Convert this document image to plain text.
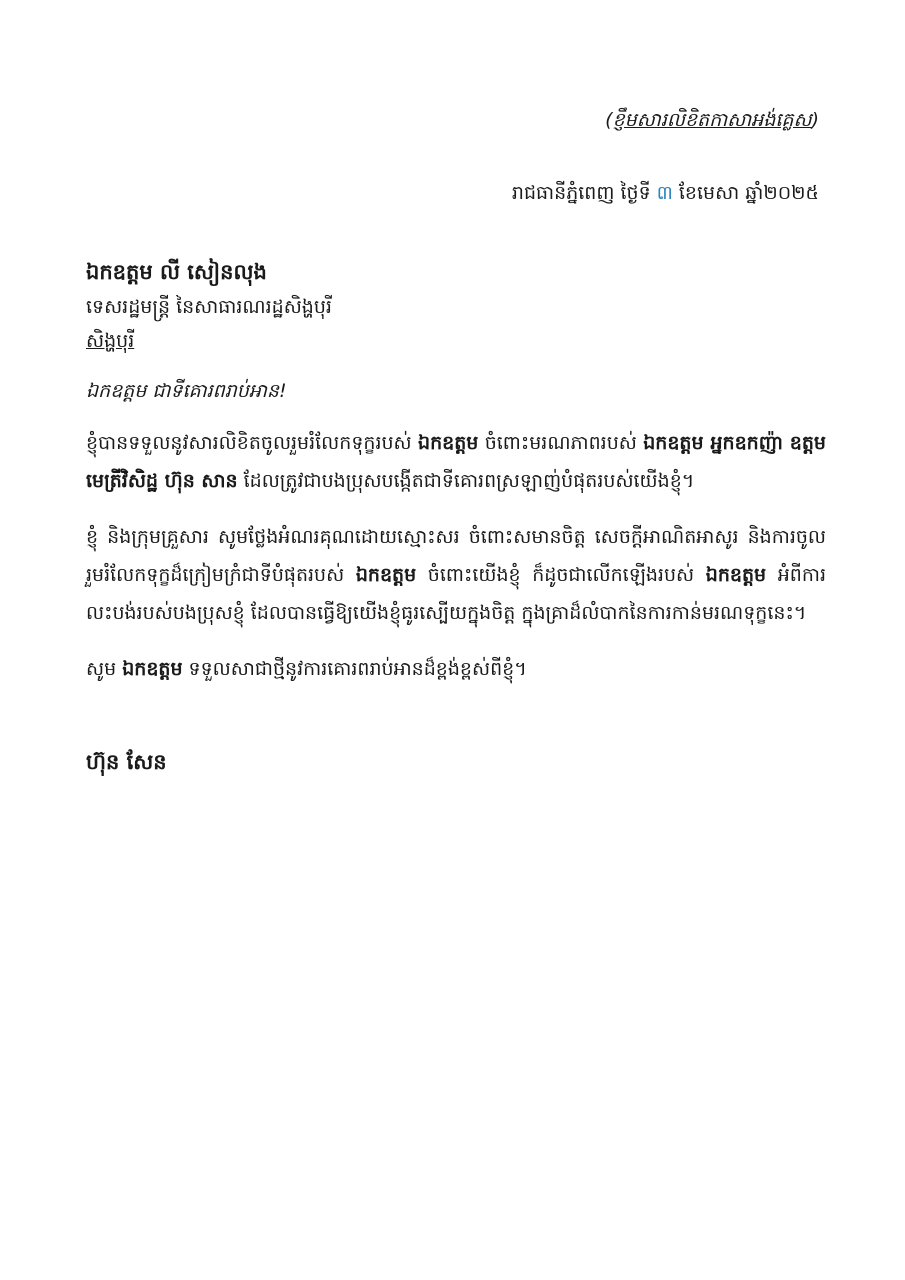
(ខ្ញឹមសារលិខិតកាសាអង់គ្លេស)
រាជធានីភ្នំពេញ ថ្ងៃទី ៣ ខែមេសា ឆ្នាំ២០២៥
ឯកឧត្តម លី សៀនលុង
ទេសរដ្ឋមន្ត្រី នៃសាធារណរដ្ឋសិង្ហបុរី
សិង្ហបុរី
ឯកឧត្តម ជាទីគោរពរាប់អាន!

ខ្ញុំបានទទួលនូវសារលិខិតចូលរួមរំលែកទុក្ខរបស់ ឯកឧត្តម ចំពោះមរណភាពរបស់ ឯកឧត្តម អ្នកឧកញ៉ា ឧត្តមមេត្រីវិសិដ្ឋ ហ៊ុន សាន ដែលត្រូវជាបងប្រុសបង្កើតជាទីគោរពស្រឡាញ់បំផុតរបស់យើងខ្ញុំ។

ខ្ញុំ និងក្រុមគ្រួសារ សូមថ្លែងអំណរគុណដោយស្មោះសរ ចំពោះសមានចិត្ត សេចក្តីអាណិតអាសូរ និងការចូលរួមរំលែកទុក្ខដ៏ក្រៀមក្រំជាទីបំផុតរបស់ ឯកឧត្តម ចំពោះយើងខ្ញុំ ក៏ដូចជាលើកឡើងរបស់ ឯកឧត្តម អំពីការលះបង់របស់បងប្រុសខ្ញុំ ដែលបានធ្វើឱ្យយើងខ្ញុំធូរស្បើយក្នុងចិត្ត ក្នុងគ្រាដ៏លំបាកនៃការកាន់មរណទុក្ខនេះ។

សូម ឯកឧត្តម ទទួលសាជាថ្មីនូវការគោរពរាប់អានដ៏ខ្ពង់ខ្ពស់ពីខ្ញុំ។

ហ៊ុន សែន
